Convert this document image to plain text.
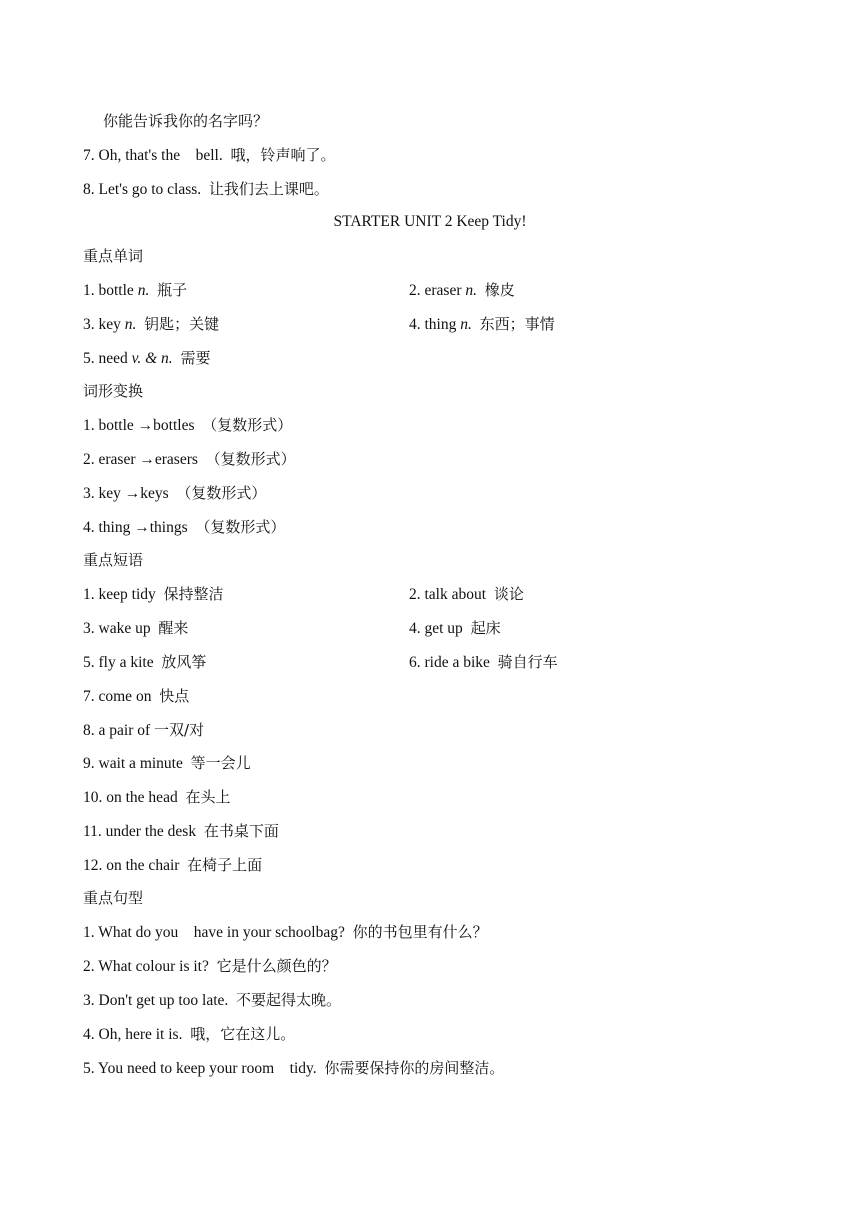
你能告诉我你的名字吗？
7. Oh, that's the    bell. 哦，铃声响了。
8. Let's go to class. 让我们去上课吧。
STARTER UNIT 2 Keep Tidy!
重点单词
1. bottle n. 瓶子	2. eraser n. 橡皮
3. key n. 钥匙；关键	4. thing n. 东西；事情
5. need v. & n. 需要
词形变换
1. bottle →bottles （复数形式）
2. eraser →erasers （复数形式）
3. key →keys （复数形式）
4. thing →things （复数形式）
重点短语
1. keep tidy 保持整洁	2. talk about 谈论
3. wake up 醒来	4. get up 起床
5. fly a kite 放风筝	6. ride a bike 骑自行车
7. come on 快点
8. a pair of 一双/对
9. wait a minute 等一会儿
10. on the head 在头上
11. under the desk 在书桌下面
12. on the chair 在椅子上面
重点句型
1. What do you    have in your schoolbag? 你的书包里有什么？
2. What colour is it? 它是什么颜色的？
3. Don't get up too late. 不要起得太晚。
4. Oh, here it is. 哦，它在这儿。
5. You need to keep your room    tidy. 你需要保持你的房间整洁。
